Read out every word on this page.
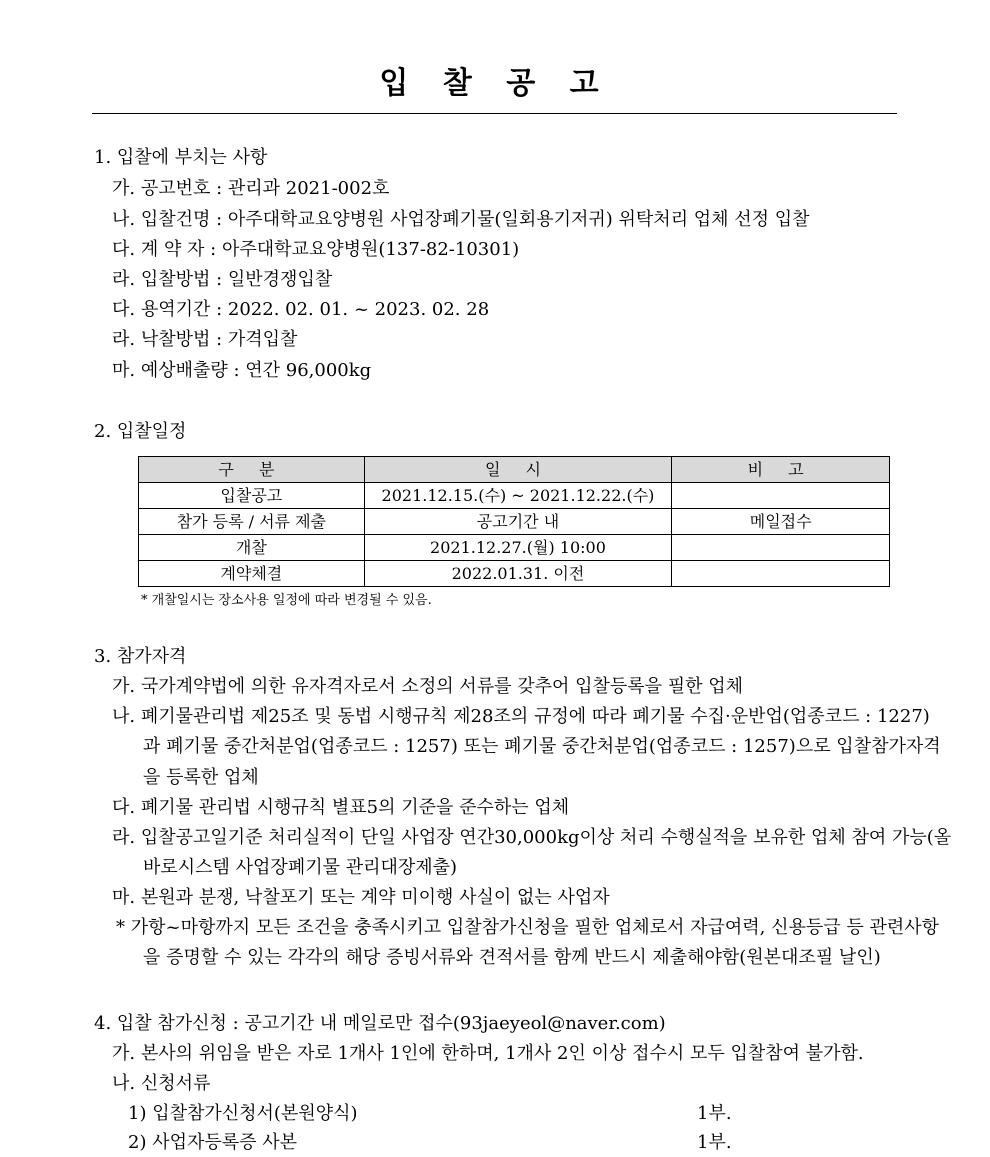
입 찰 공 고
1. 입찰에 부치는 사항
가. 공고번호 : 관리과 2021-002호
나. 입찰건명 : 아주대학교요양병원 사업장폐기물(일회용기저귀) 위탁처리 업체 선정 입찰
다. 계 약 자 : 아주대학교요양병원(137-82-10301)
라. 입찰방법 : 일반경쟁입찰
다. 용역기간 : 2022. 02. 01. ~ 2023. 02. 28
라. 낙찰방법 : 가격입찰
마. 예상배출량 : 연간 96,000kg
2. 입찰일정
구 분	일 시	비 고
입찰공고	2021.12.15.(수) ~ 2021.12.22.(수)	
참가 등록 / 서류 제출	공고기간 내	메일접수
개찰	2021.12.27.(월) 10:00	
계약체결	2022.01.31. 이전	
* 개찰일시는 장소사용 일정에 따라 변경될 수 있음.
3. 참가자격
가. 국가계약법에 의한 유자격자로서 소정의 서류를 갖추어 입찰등록을 필한 업체
나. 폐기물관리법 제25조 및 동법 시행규칙 제28조의 규정에 따라 폐기물 수집·운반업(업종코드 : 1227)
과 폐기물 중간처분업(업종코드 : 1257) 또는 폐기물 중간처분업(업종코드 : 1257)으로 입찰참가자격
을 등록한 업체
다. 폐기물 관리법 시행규칙 별표5의 기준을 준수하는 업체
라. 입찰공고일기준 처리실적이 단일 사업장 연간30,000kg이상 처리 수행실적을 보유한 업체 참여 가능(올
바로시스템 사업장폐기물 관리대장제출)
마. 본원과 분쟁, 낙찰포기 또는 계약 미이행 사실이 없는 사업자
* 가항~마항까지 모든 조건을 충족시키고 입찰참가신청을 필한 업체로서 자급여력, 신용등급 등 관련사항
을 증명할 수 있는 각각의 해당 증빙서류와 견적서를 함께 반드시 제출해야함(원본대조필 날인)
4. 입찰 참가신청 : 공고기간 내 메일로만 접수(93jaeyeol@naver.com)
가. 본사의 위임을 받은 자로 1개사 1인에 한하며, 1개사 2인 이상 접수시 모두 입찰참여 불가함.
나. 신청서류
1) 입찰참가신청서(본원양식)	1부.
2) 사업자등록증 사본	1부.
